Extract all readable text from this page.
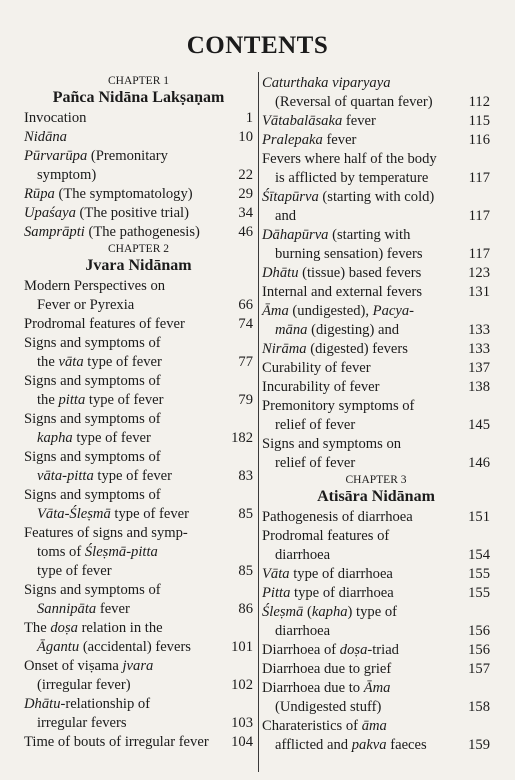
CONTENTS
CHAPTER 1
Pañca Nidāna Lakṣaṇam
Invocation	1
Nidāna	10
Pūrvarūpa (Premonitary
symptom)	22
Rūpa (The symptomatology)	29
Upaśaya (The positive trial)	34
Samprāpti (The pathogenesis)	46
CHAPTER 2
Jvara Nidānam
Modern Perspectives on
Fever or Pyrexia	66
Prodromal features of fever	74
Signs and symptoms of
the vāta type of fever	77
Signs and symptoms of
the pitta type of fever	79
Signs and symptoms of
kapha type of fever	182
Signs and symptoms of
vāta-pitta type of fever	83
Signs and symptoms of
Vāta-Śleṣmā type of fever	85
Features of signs and symp-
toms of Śleṣmā-pitta
type of fever	85
Signs and symptoms of
Sannipāta fever	86
The doṣa relation in the
Āgantu (accidental) fevers	101
Onset of viṣama jvara
(irregular fever)	102
Dhātu-relationship of
irregular fevers	103
Time of bouts of irregular fever	104
Caturthaka viparyaya
(Reversal of quartan fever)	112
Vātabalāsaka fever	115
Pralepaka fever	116
Fevers where half of the body
is afflicted by temperature	117
Śītapūrva (starting with cold)
and	117
Dāhapūrva (starting with
burning sensation) fevers	117
Dhātu (tissue) based fevers	123
Internal and external fevers	131
Āma (undigested), Pacya-
māna (digesting) and	133
Nirāma (digested) fevers	133
Curability of fever	137
Incurability of fever	138
Premonitory symptoms of
relief of fever	145
Signs and symptoms on
relief of fever	146
CHAPTER 3
Atisāra Nidānam
Pathogenesis of diarrhoea	151
Prodromal features of
diarrhoea	154
Vāta type of diarrhoea	155
Pitta type of diarrhoea	155
Śleṣmā (kapha) type of
diarrhoea	156
Diarrhoea of doṣa-triad	156
Diarrhoea due to grief	157
Diarrhoea due to Āma
(Undigested stuff)	158
Charateristics of āma
afflicted and pakva faeces	159
